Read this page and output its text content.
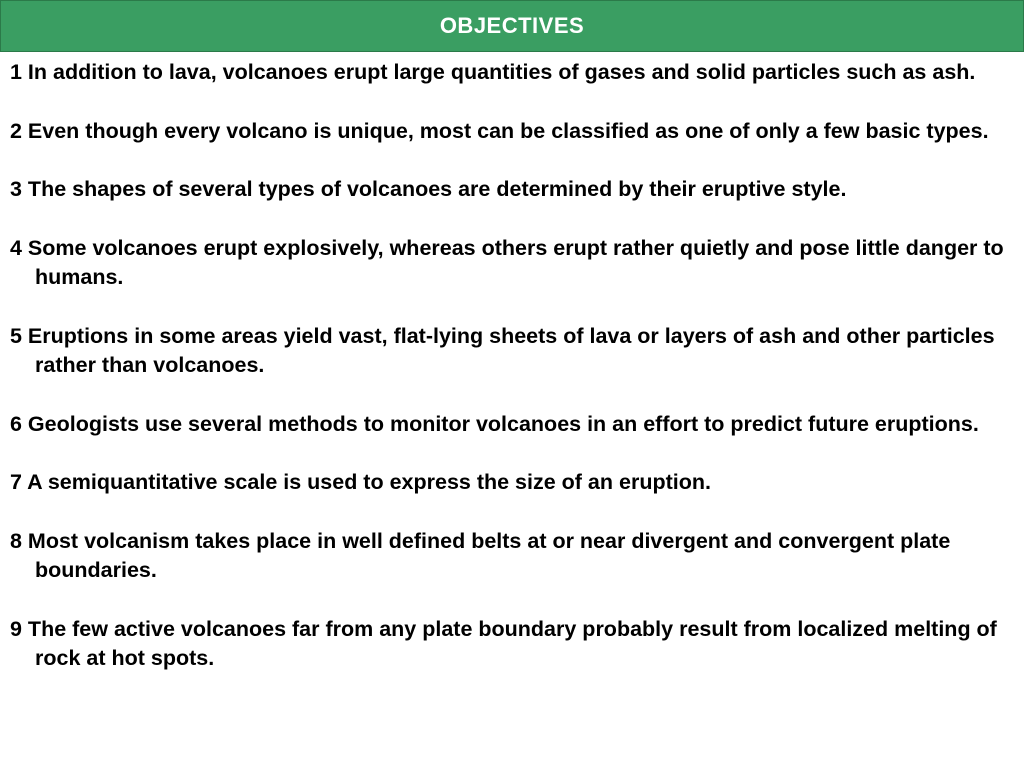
OBJECTIVES
1 In addition to lava, volcanoes erupt large quantities of gases and solid particles such as ash.
2 Even though every volcano is unique, most can be classified as one of only a few basic types.
3 The shapes of several types of volcanoes are determined by their eruptive style.
4 Some volcanoes erupt explosively, whereas others erupt rather quietly and pose little danger to humans.
5 Eruptions in some areas yield vast, flat-lying sheets of lava or layers of ash and other particles rather than volcanoes.
6 Geologists use several methods to monitor volcanoes in an effort to predict future eruptions.
7 A semiquantitative scale is used to express the size of an eruption.
8 Most volcanism takes place in well defined belts at or near divergent and convergent plate boundaries.
9 The few active volcanoes far from any plate boundary probably result from localized melting of rock at hot spots.
